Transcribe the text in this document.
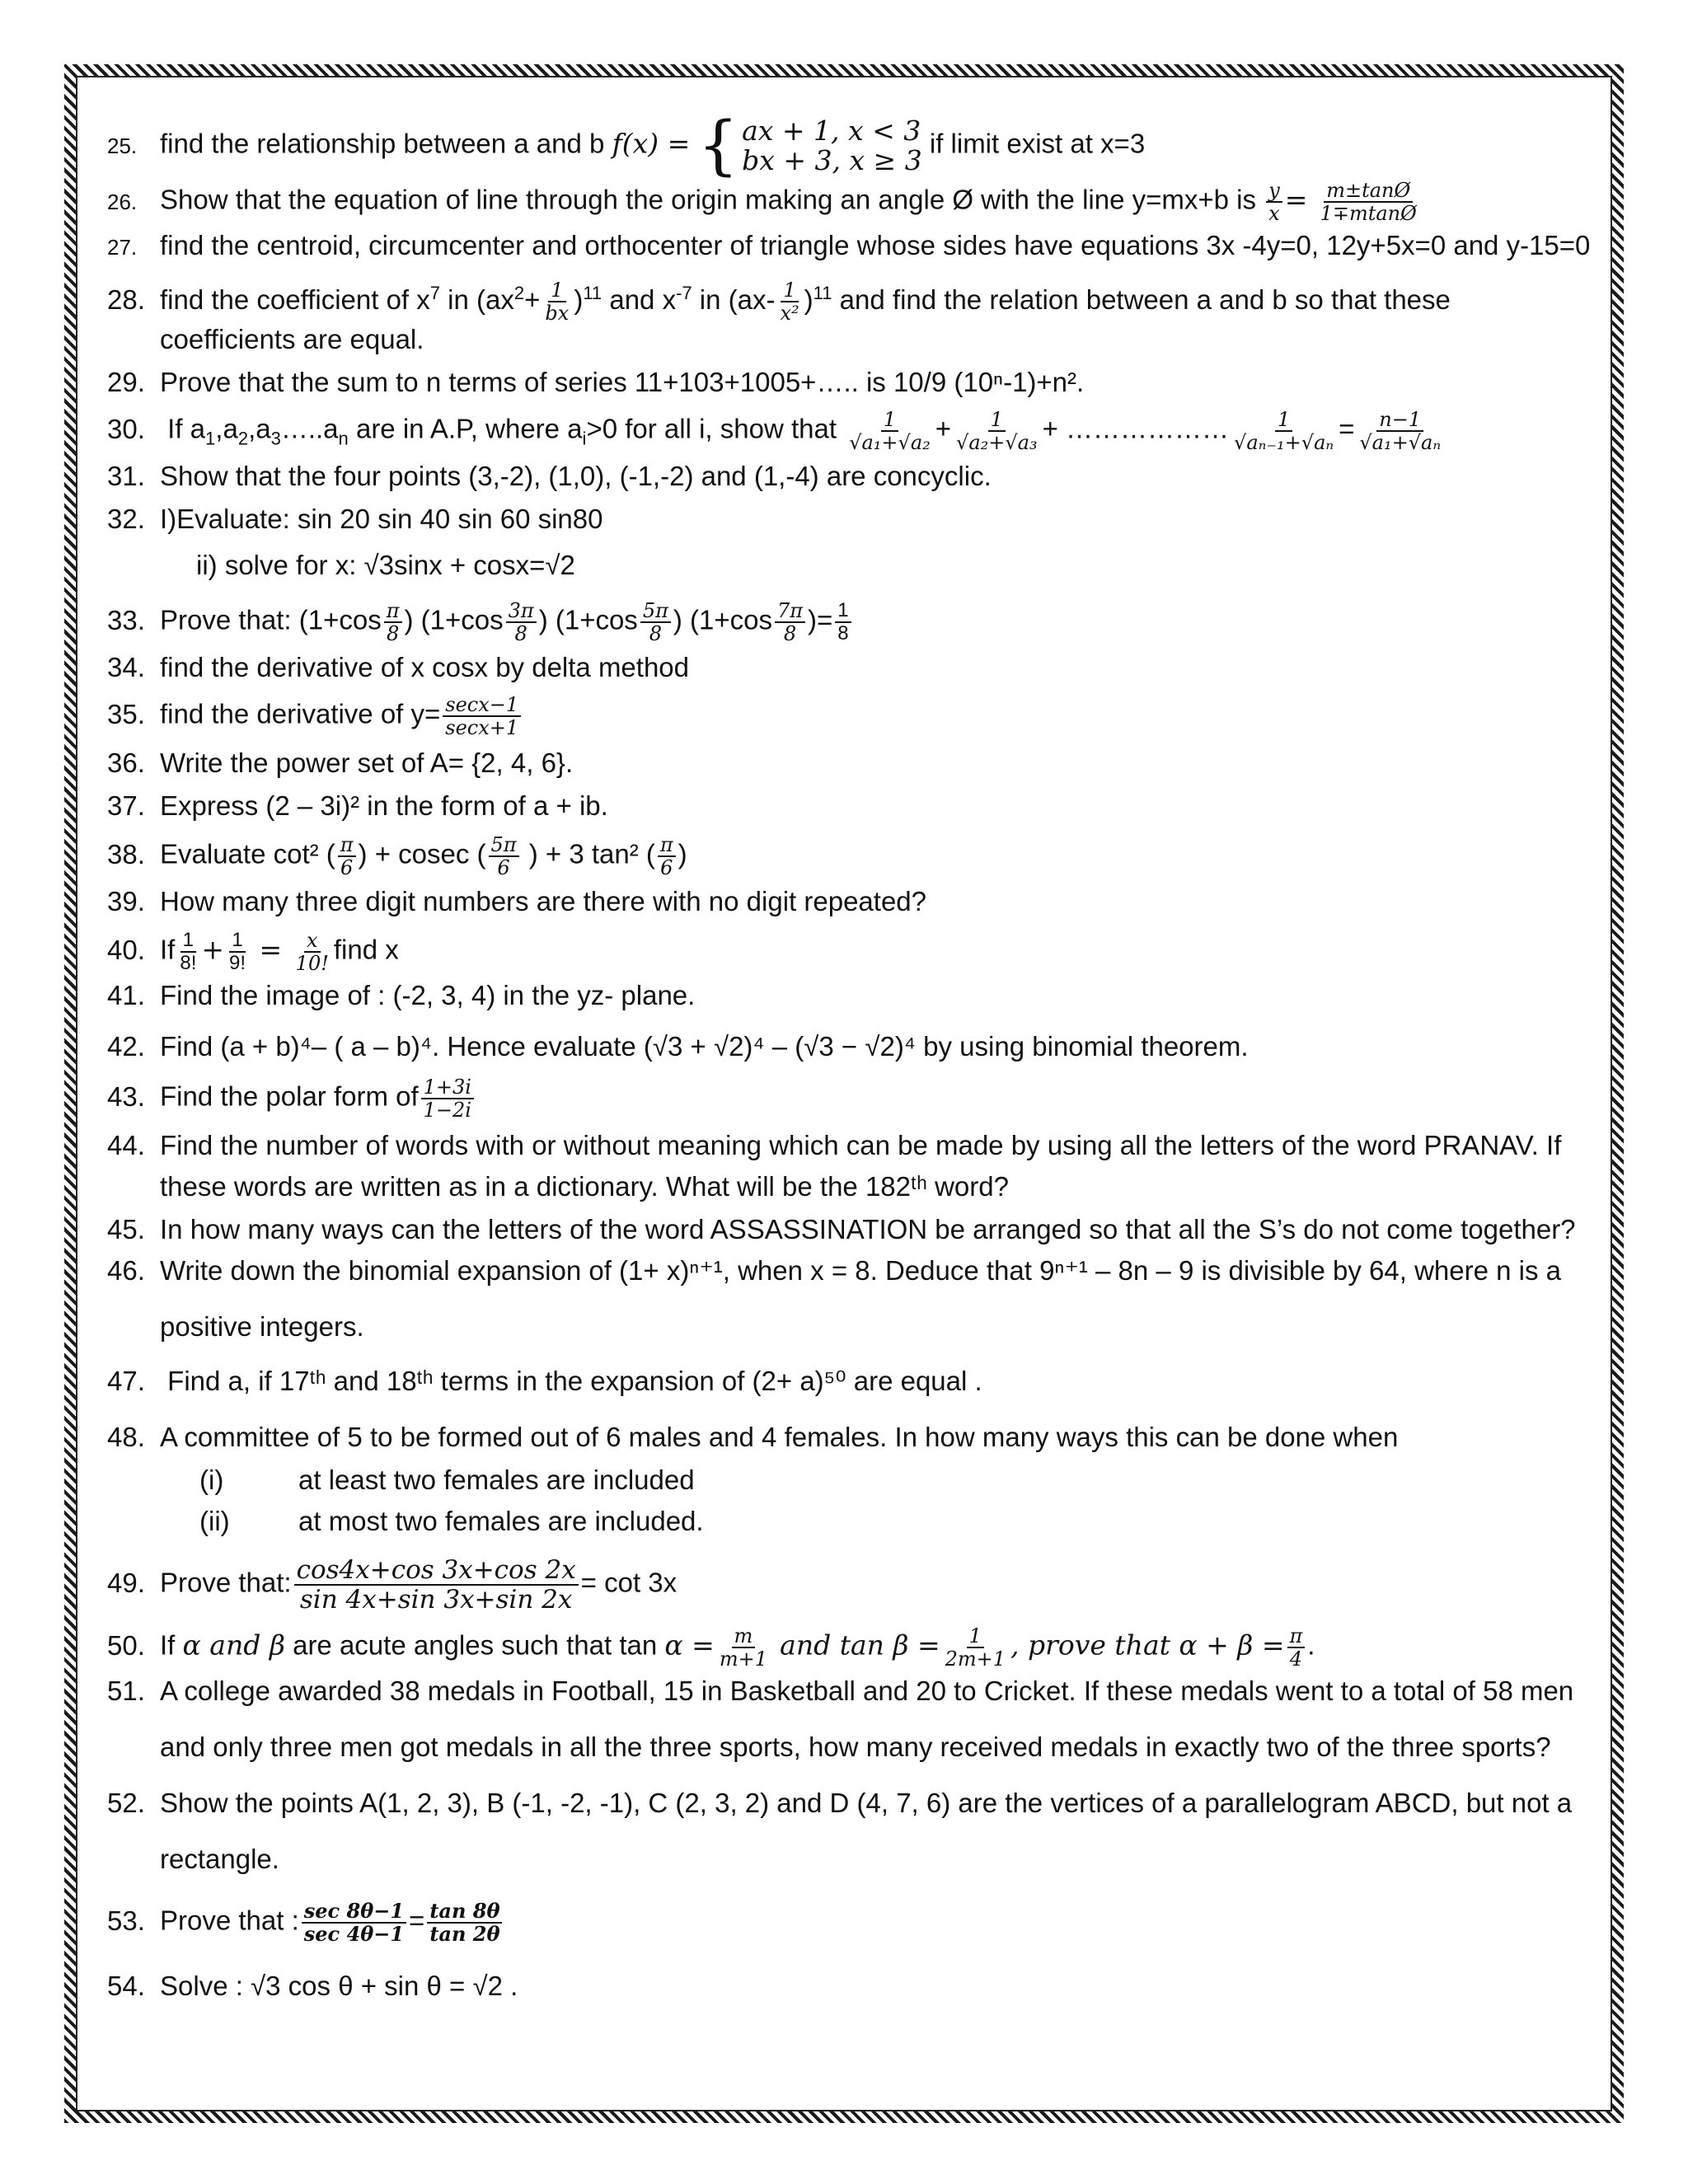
25. find the relationship between a and b f(x) = { ax + 1, x < 3
bx + 3, x ≥ 3
if limit exist at x=3
26. Show that the equation of line through the origin making an angle Ø with the line y=mx+b is $\frac{y}{x} = \frac{m\pm\tan Ø}{1\mp mtanØ}$
27. find the centroid, circumcenter and orthocenter of triangle whose sides have equations 3x -4y=0, 12y+5x=0 and y-15=0
28. find the coefficient of $x^7$ in $(ax^2+ \frac{1}{bx} )^{11}$ and $x^{-7}$ in $(ax- \frac{1}{\text{x²}} )^{11}$ and find the relation between a and b so that these
coefficients are equal.
29. Prove that the sum to n terms of series 11+103+1005+….. is 10/9 (10ⁿ-1)+n².
30. If $a_1,a_2,a_3\dots..a_n$ are in A.P, where $a_i>0$ for all i, show that $\frac{1}{\text{√a₁+√a₂}} + \frac{1}{\text{√a₂+√a₃}}$ + ……………… $\frac{1}{\text{√aₙ₋₁+√aₙ}} = \frac{n-1}{\text{√a₁+√aₙ}}$
31. Show that the four points (3,-2), (1,0), (-1,-2) and (1,-4) are concyclic.
32. I)Evaluate: sin 20 sin 40 sin 60 sin80
ii) solve for x: √3sinx + cosx=√2
33. Prove that: ($1+\cos \frac{\pi}{8}$ ) ($1+\cos \frac{3\pi}{8}$ ) ($1+\cos \frac{5\pi}{8}$ ) ($1+\cos \frac{7\pi}{8}$ )= $\frac{1}{8}$
34. find the derivative of x cosx by delta method
35. find the derivative of $y= \frac{\sec x-1}{\sec x+1}$
36. Write the power set of A= {2, 4, 6}.
37. Express (2 – 3i)² in the form of a + ib.
38. Evaluate cot² ( $\frac{\pi}{6}$ ) + cosec ( $\frac{5\pi}{6}$ ) + 3 tan² ( $\frac{\pi}{6}$ )
39. How many three digit numbers are there with no digit repeated?
40. If $\frac{1}{8!} + \frac{1}{9!} = \frac{x}{10!}$ find x
41. Find the image of : (-2, 3, 4) in the yz- plane.
42. Find (a + b)⁴– ( a – b)⁴. Hence evaluate (√3 + √2)⁴ – (√3 − √2)⁴ by using binomial theorem.
43. Find the polar form of $\frac{1+3i}{1-2i}$
44. Find the number of words with or without meaning which can be made by using all the letters of the word PRANAV. If
these words are written as in a dictionary. What will be the 182ᵗʰ word?
45. In how many ways can the letters of the word ASSASSINATION be arranged so that all the S’s do not come together?
46. Write down the binomial expansion of (1+ x)ⁿ⁺¹, when x = 8. Deduce that 9ⁿ⁺¹ – 8n – 9 is divisible by 64, where n is a
positive integers.
47. Find a, if 17ᵗʰ and 18ᵗʰ terms in the expansion of (2+ a)⁵⁰ are equal .
48. A committee of 5 to be formed out of 6 males and 4 females. In how many ways this can be done when
(i)	at least two females are included
(ii)	at most two females are included.
49. Prove that: $\frac{\cos 4x+\cos 3x+\cos 2x}{\sin 4x+\sin 3x+\sin 2x} = \cot 3x$
50. If α and β are acute angles such that $\tan \alpha = \frac{m}{m+1}$ and $\tan \beta = \frac{1}{2m+1}$ , prove that $\alpha + \beta = \frac{\pi}{4}$ .
51. A college awarded 38 medals in Football, 15 in Basketball and 20 to Cricket. If these medals went to a total of 58 men
and only three men got medals in all the three sports, how many received medals in exactly two of the three sports?
52. Show the points A(1, 2, 3), B (-1, -2, -1), C (2, 3, 2) and D (4, 7, 6) are the vertices of a parallelogram ABCD, but not a
rectangle.
53. Prove that : $\frac{\sec 8\theta-1}{\sec 4\theta-1} = \frac{\tan 8\theta}{\tan 2\theta}$
54. Solve : √3 cos θ + sin θ = √2 .
